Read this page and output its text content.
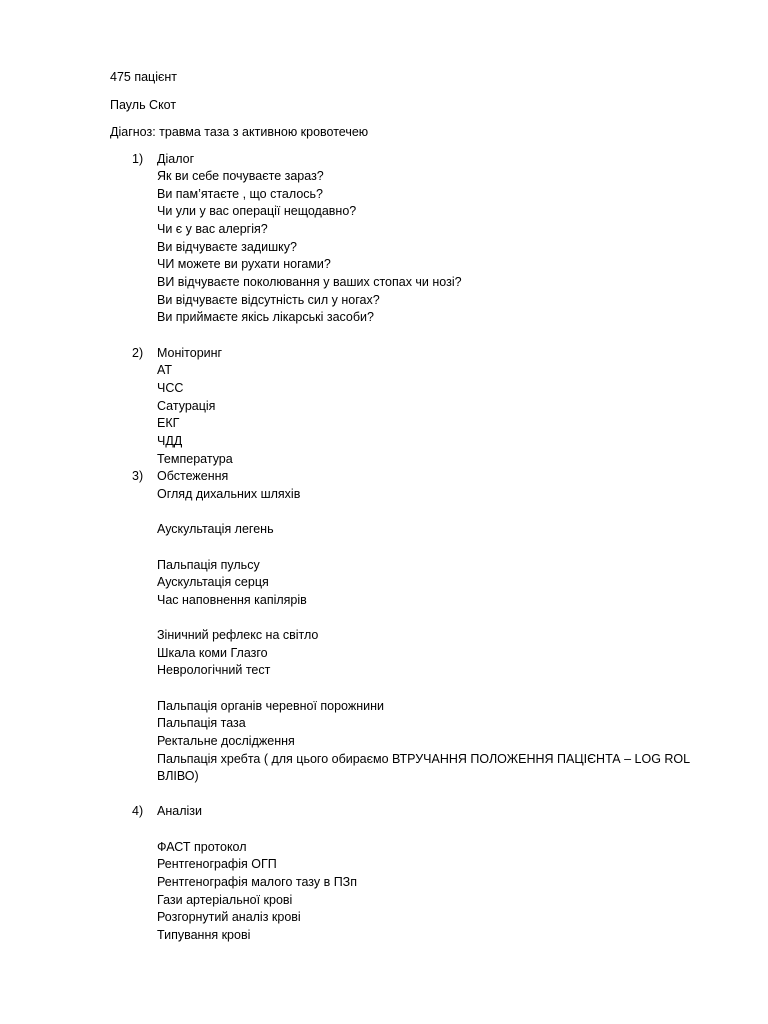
475 пацієнт
Пауль Скот
Діагноз: травма таза з активною кровотечею
1) Діалог
Як ви себе почуваєте зараз?
Ви пам’ятаєте , що сталось?
Чи ули у вас операції нещодавно?
Чи є у вас алергія?
Ви відчуваєте задишку?
ЧИ можете ви рухати ногами?
ВИ відчуваєте поколювання у ваших стопах чи нозі?
Ви відчуваєте відсутність сил у ногах?
Ви приймаєте якісь лікарські засоби?
2) Моніторинг
АТ
ЧСС
Сатурація
ЕКГ
ЧДД
Температура
3) Обстеження
Огляд дихальних шляхів
Аускультація легень
Пальпація пульсу
Аускультація серця
Час наповнення капілярів
Зіничний рефлекс на світло
Шкала коми Глазго
Неврологічний тест
Пальпація органів черевної порожнини
Пальпація таза
Ректальне дослідження
Пальпація хребта ( для цього обираємо ВТРУЧАННЯ ПОЛОЖЕННЯ ПАЦІЄНТА – LOG ROL ВЛІВО)
4) Аналізи
ФАСТ протокол
Рентгенографія ОГП
Рентгенографія малого тазу в ПЗп
Гази артеріальної крові
Розгорнутий аналіз крові
Типування крові
